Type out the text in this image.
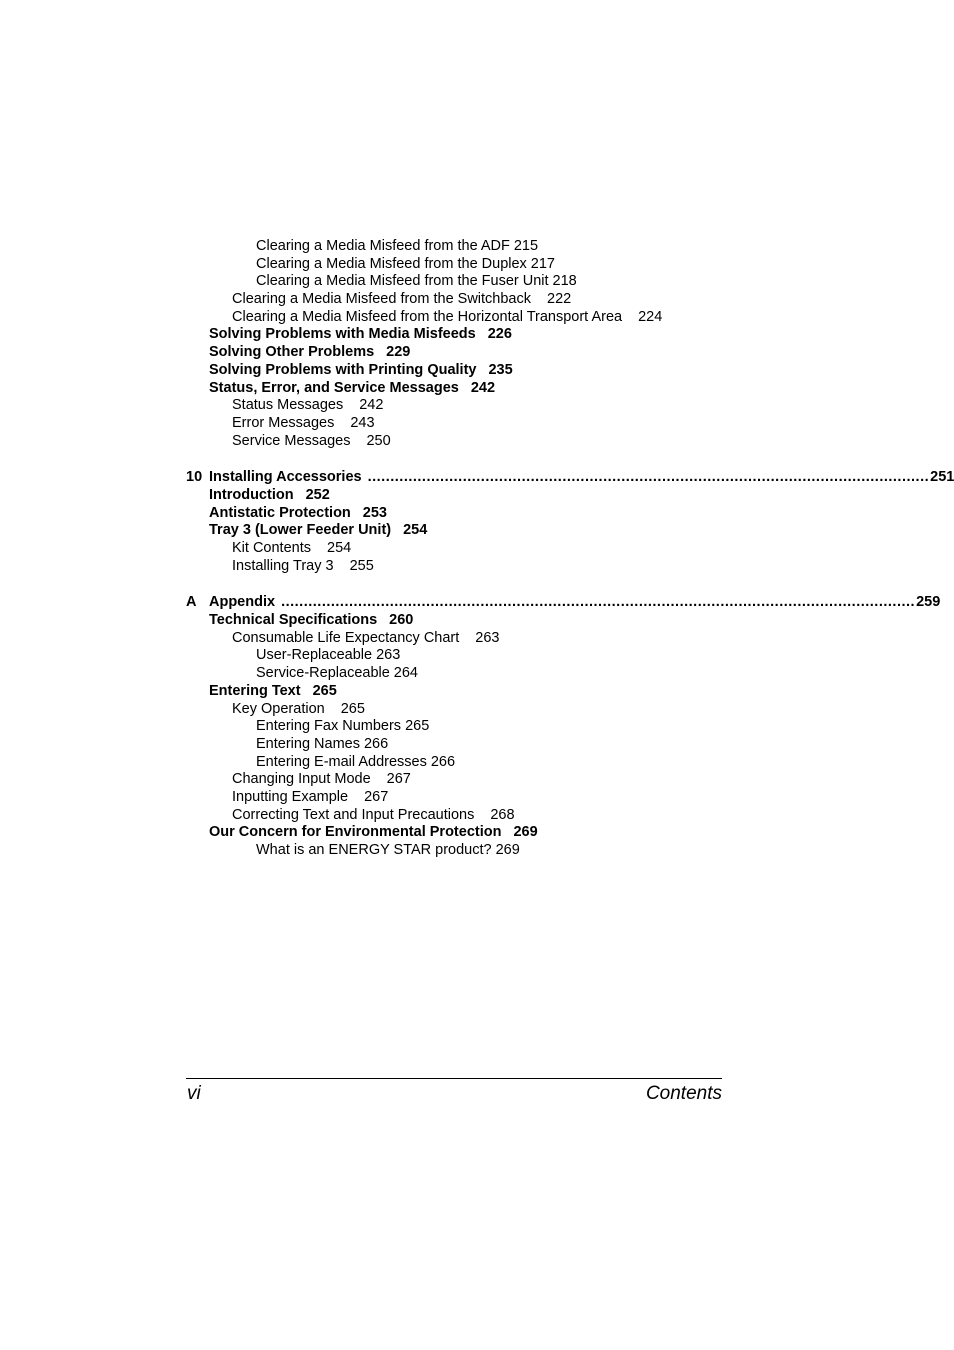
Clearing a Media Misfeed from the ADF 215
Clearing a Media Misfeed from the Duplex 217
Clearing a Media Misfeed from the Fuser Unit 218
Clearing a Media Misfeed from the Switchback 222
Clearing a Media Misfeed from the Horizontal Transport Area 224
Solving Problems with Media Misfeeds 226
Solving Other Problems 229
Solving Problems with Printing Quality 235
Status, Error, and Service Messages 242
Status Messages 242
Error Messages 243
Service Messages 250
10 Installing Accessories ............................................................................................................................ 251
Introduction 252
Antistatic Protection 253
Tray 3 (Lower Feeder Unit) 254
Kit Contents 254
Installing Tray 3 255
A Appendix ............................................................................................................................................ 259
Technical Specifications 260
Consumable Life Expectancy Chart 263
User-Replaceable 263
Service-Replaceable 264
Entering Text 265
Key Operation 265
Entering Fax Numbers 265
Entering Names 266
Entering E-mail Addresses 266
Changing Input Mode 267
Inputting Example 267
Correcting Text and Input Precautions 268
Our Concern for Environmental Protection 269
What is an ENERGY STAR product? 269
vi	Contents
